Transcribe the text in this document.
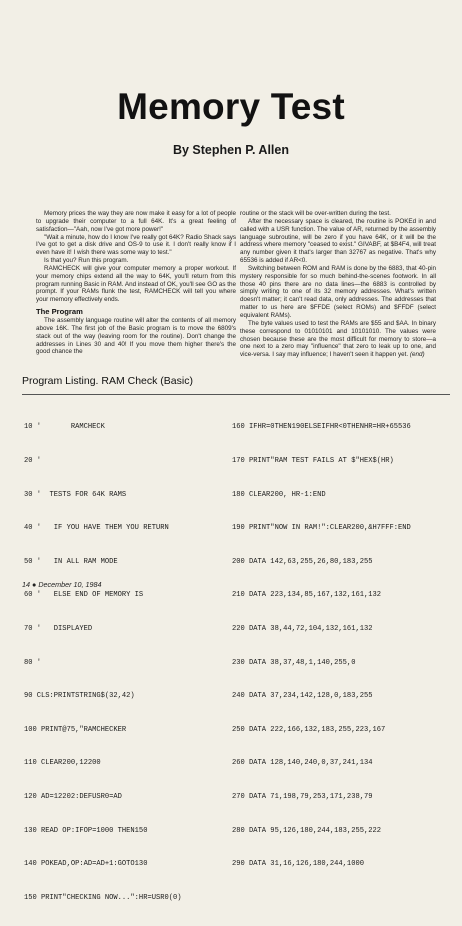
Memory Test
By Stephen P. Allen

Memory prices the way they are now make it easy for a lot of people to upgrade their computer to a full 64K. It's a great feeling of satisfaction—"Aah, now I've got more power!"

"Wait a minute, how do I know I've really got 64K? Radio Shack says I've got to get a disk drive and OS-9 to use it. I don't really know if I even have it! I wish there was some way to test."

Is that you? Run this program.

RAMCHECK will give your computer memory a proper workout. If your memory chips extend all the way to 64K, you'll return from this program running Basic in RAM. And instead of OK, you'll see GO as the prompt. If your RAMs flunk the test, RAMCHECK will tell you where your memory effectively ends.

The Program

The assembly language routine will alter the contents of all memory above 16K. The first job of the Basic program is to move the 6809's stack out of the way (leaving room for the routine). Don't change the addresses in Lines 30 and 40! If you move them higher there's the good chance the

routine or the stack will be over-written during the test.

After the necessary space is cleared, the routine is POKEd in and called with a USR function. The value of AR, returned by the assembly language subroutine, will be zero if you have 64K, or it will be the address where memory "ceased to exist." GIVABF, at $B4F4, will treat any number given it that's larger than 32767 as negative. That's why 65536 is added if AR<0.

Switching between ROM and RAM is done by the 6883, that 40-pin mystery responsible for so much behind-the-scenes footwork. In all those 40 pins there are no data lines—the 6883 is controlled by simply writing to one of its 32 memory addresses. What's written doesn't matter; it can't read data, only addresses. The addresses that matter to us here are $FFDE (select ROMs) and $FFDF (select equivalent RAMs).

The byte values used to test the RAMs are $55 and $AA. In binary these correspond to 01010101 and 10101010. The values were chosen because these are the most difficult for memory to store—a one next to a zero may "influence" that zero to leak up to one, and vice-versa. I say may influence; I haven't seen it happen yet. (end)

Program Listing. RAM Check (Basic)

10 '       RAMCHECK

20 '

30 '  TESTS FOR 64K RAMS

40 '   IF YOU HAVE THEM YOU RETURN

50 '   IN ALL RAM MODE

60 '   ELSE END OF MEMORY IS

70 '   DISPLAYED

80 '

90 CLS:PRINTSTRING$(32,42)

100 PRINT@75,"RAMCHECKER

110 CLEAR200,12200

120 AD=12202:DEFUSR0=AD

130 READ OP:IFOP=1000 THEN150

140 POKEAD,OP:AD=AD+1:GOTO130

150 PRINT"CHECKING NOW...":HR=USR0(0)

160 IFHR=0THEN190ELSEIFHR<0THENHR=HR+65536

170 PRINT"RAM TEST FAILS AT $"HEX$(HR)

180 CLEAR200, HR-1:END

190 PRINT"NOW IN RAM!":CLEAR200,&H7FFF:END

200 DATA 142,63,255,26,80,183,255

210 DATA 223,134,85,167,132,161,132

220 DATA 38,44,72,104,132,161,132

230 DATA 38,37,48,1,140,255,0

240 DATA 37,234,142,128,0,183,255

250 DATA 222,166,132,183,255,223,167

260 DATA 128,140,240,0,37,241,134

270 DATA 71,198,79,253,171,238,79

280 DATA 95,126,180,244,183,255,222

290 DATA 31,16,126,180,244,1000

14 ● December 10, 1984
